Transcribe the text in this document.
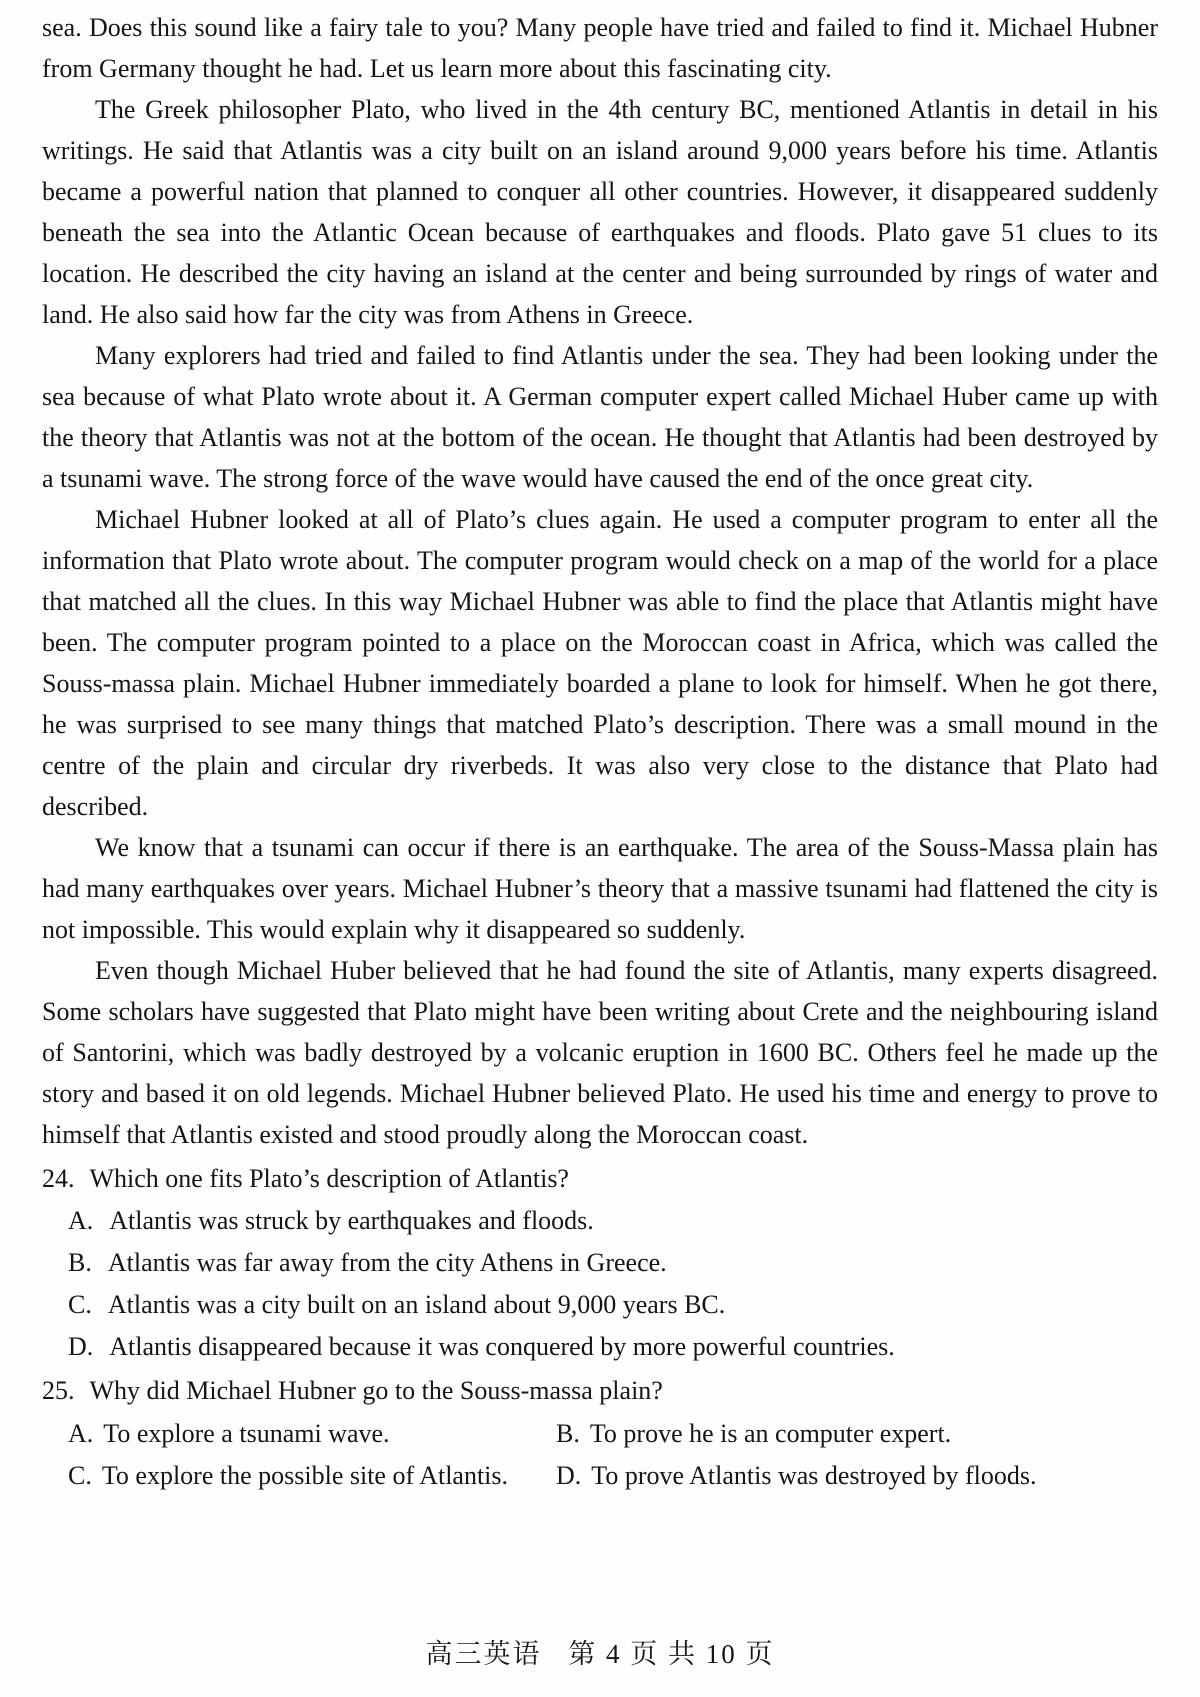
sea. Does this sound like a fairy tale to you? Many people have tried and failed to find it. Michael Hubner from Germany thought he had. Let us learn more about this fascinating city.

The Greek philosopher Plato, who lived in the 4th century BC, mentioned Atlantis in detail in his writings. He said that Atlantis was a city built on an island around 9,000 years before his time. Atlantis became a powerful nation that planned to conquer all other countries. However, it disappeared suddenly beneath the sea into the Atlantic Ocean because of earthquakes and floods. Plato gave 51 clues to its location. He described the city having an island at the center and being surrounded by rings of water and land. He also said how far the city was from Athens in Greece.

Many explorers had tried and failed to find Atlantis under the sea. They had been looking under the sea because of what Plato wrote about it. A German computer expert called Michael Huber came up with the theory that Atlantis was not at the bottom of the ocean. He thought that Atlantis had been destroyed by a tsunami wave. The strong force of the wave would have caused the end of the once great city.

Michael Hubner looked at all of Plato’s clues again. He used a computer program to enter all the information that Plato wrote about. The computer program would check on a map of the world for a place that matched all the clues. In this way Michael Hubner was able to find the place that Atlantis might have been. The computer program pointed to a place on the Moroccan coast in Africa, which was called the Souss-massa plain. Michael Hubner immediately boarded a plane to look for himself. When he got there, he was surprised to see many things that matched Plato’s description. There was a small mound in the centre of the plain and circular dry riverbeds. It was also very close to the distance that Plato had described.

We know that a tsunami can occur if there is an earthquake. The area of the Souss-Massa plain has had many earthquakes over years. Michael Hubner’s theory that a massive tsunami had flattened the city is not impossible. This would explain why it disappeared so suddenly.

Even though Michael Huber believed that he had found the site of Atlantis, many experts disagreed. Some scholars have suggested that Plato might have been writing about Crete and the neighbouring island of Santorini, which was badly destroyed by a volcanic eruption in 1600 BC. Others feel he made up the story and based it on old legends. Michael Hubner believed Plato. He used his time and energy to prove to himself that Atlantis existed and stood proudly along the Moroccan coast.

24. Which one fits Plato’s description of Atlantis?
A. Atlantis was struck by earthquakes and floods.
B. Atlantis was far away from the city Athens in Greece.
C. Atlantis was a city built on an island about 9,000 years BC.
D. Atlantis disappeared because it was conquered by more powerful countries.
25. Why did Michael Hubner go to the Souss-massa plain?
A. To explore a tsunami wave.	B. To prove he is an computer expert.
C. To explore the possible site of Atlantis.	D. To prove Atlantis was destroyed by floods.
高三英语 第 4 页 共 10 页
